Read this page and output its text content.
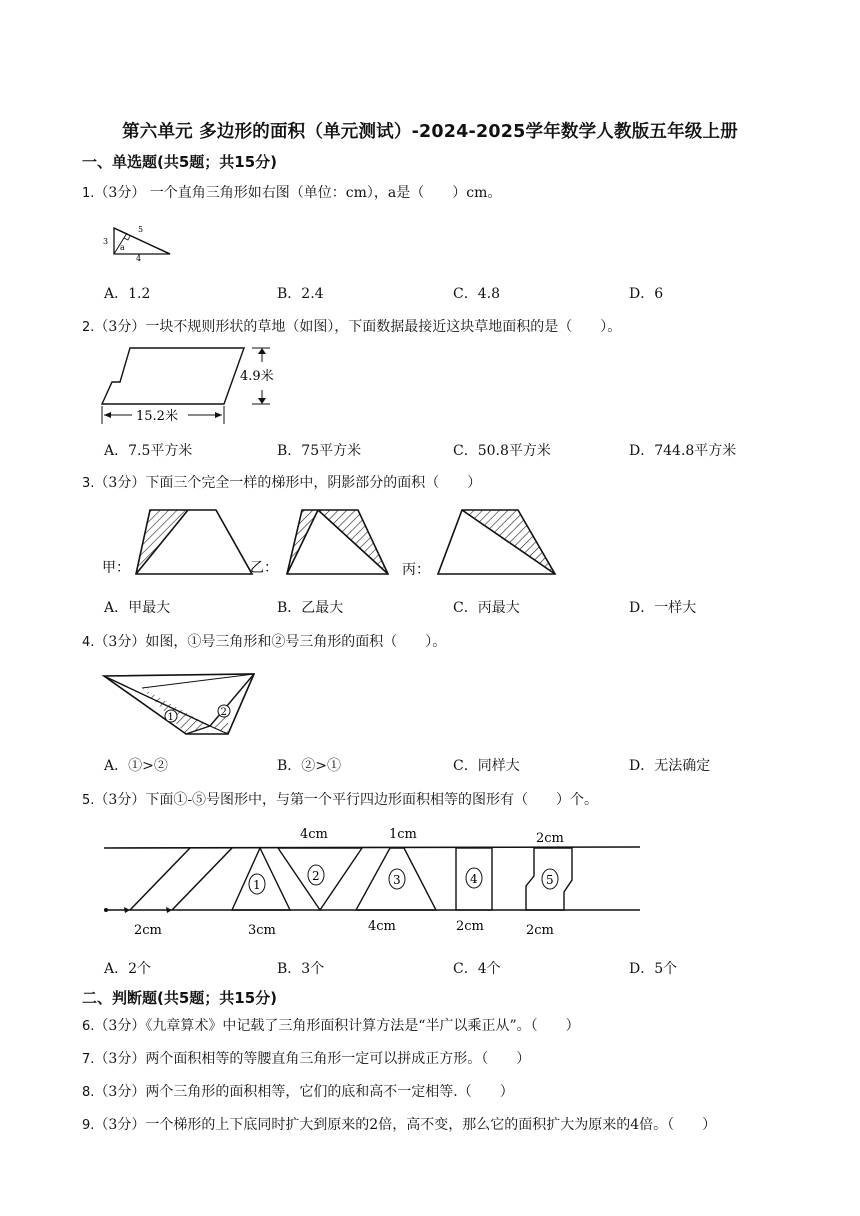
第六单元 多边形的面积（单元测试）-2024-2025学年数学人教版五年级上册
一、单选题(共5题；共15分)
1.（3分） 一个直角三角形如右图（单位：cm），a是（　　）cm。
3
5
a
4
A．1.2	B．2.4	C．4.8	D．6
2.（3分）一块不规则形状的草地（如图），下面数据最接近这块草地面积的是（　　）。
4.9米
15.2米
A．7.5平方米	B．75平方米	C．50.8平方米	D．744.8平方米
3.（3分）下面三个完全一样的梯形中，阴影部分的面积（　　）
甲：	乙：	丙：
A．甲最大	B．乙最大	C．丙最大	D．一样大
4.（3分）如图，①号三角形和②号三角形的面积（　　）。
1	2
A．①>②	B．②>①	C．同样大	D．无法确定
5.（3分）下面①-⑤号图形中，与第一个平行四边形面积相等的图形有（　　）个。
2cm
1
3cm
2
4cm
3
1cm
4cm
4
2cm
5
2cm
2cm
A．2个	B．3个	C．4个	D．5个
二、判断题(共5题；共15分)
6.（3分）《九章算术》中记载了三角形面积计算方法是“半广以乘正从”。（　　）
7.（3分）两个面积相等的等腰直角三角形一定可以拼成正方形。（　　）
8.（3分）两个三角形的面积相等，它们的底和高不一定相等.（　　）
9.（3分）一个梯形的上下底同时扩大到原来的2倍，高不变，那么它的面积扩大为原来的4倍。（　　）
